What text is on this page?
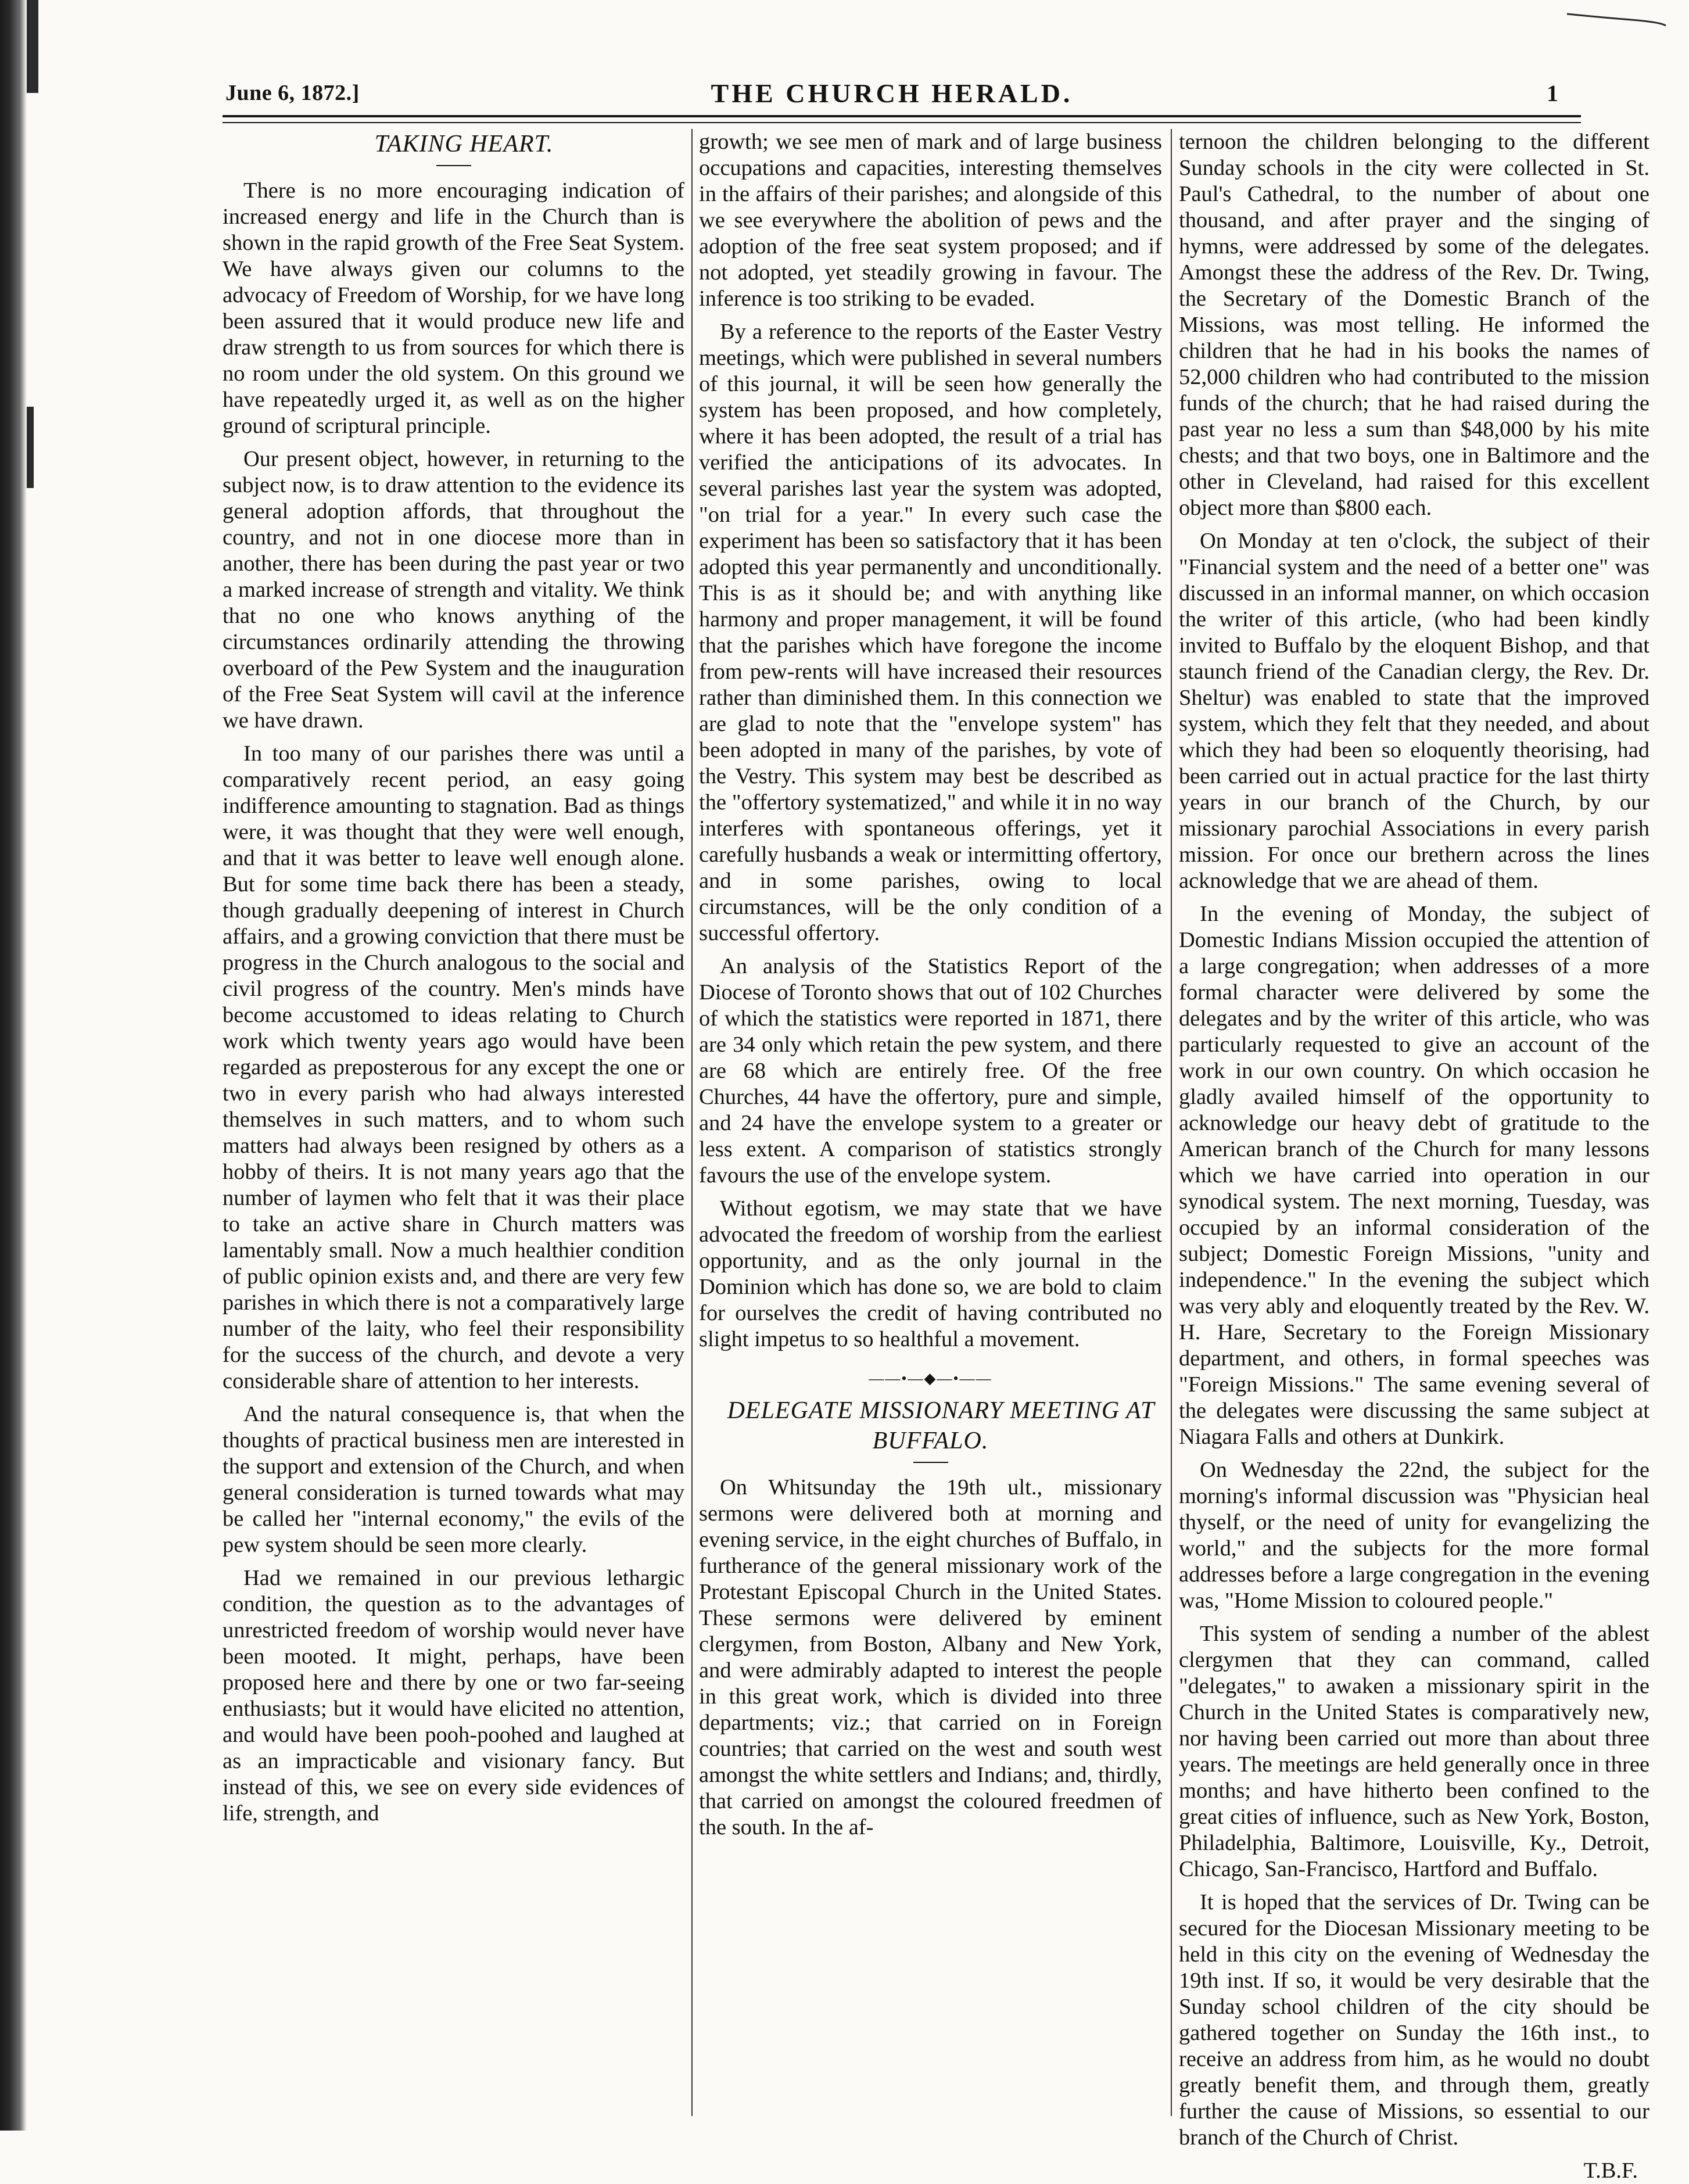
June 6, 1872.]	THE CHURCH HERALD.	1

TAKING HEART.

There is no more encouraging indication of increased energy and life in the Church than is shown in the rapid growth of the Free Seat System. We have always given our columns to the advocacy of Freedom of Worship, for we have long been assured that it would produce new life and draw strength to us from sources for which there is no room under the old system. On this ground we have repeatedly urged it, as well as on the higher ground of scriptural principle.

Our present object, however, in returning to the subject now, is to draw attention to the evidence its general adoption affords, that throughout the country, and not in one diocese more than in another, there has been during the past year or two a marked increase of strength and vitality. We think that no one who knows anything of the circumstances ordinarily attending the throwing overboard of the Pew System and the inauguration of the Free Seat System will cavil at the inference we have drawn.

In too many of our parishes there was until a comparatively recent period, an easy going indifference amounting to stagnation. Bad as things were, it was thought that they were well enough, and that it was better to leave well enough alone. But for some time back there has been a steady, though gradually deepening of interest in Church affairs, and a growing conviction that there must be progress in the Church analogous to the social and civil progress of the country. Men's minds have become accustomed to ideas relating to Church work which twenty years ago would have been regarded as preposterous for any except the one or two in every parish who had always interested themselves in such matters, and to whom such matters had always been resigned by others as a hobby of theirs. It is not many years ago that the number of laymen who felt that it was their place to take an active share in Church matters was lamentably small. Now a much healthier condition of public opinion exists and, and there are very few parishes in which there is not a comparatively large number of the laity, who feel their responsibility for the success of the church, and devote a very considerable share of attention to her interests.

And the natural consequence is, that when the thoughts of practical business men are interested in the support and extension of the Church, and when general consideration is turned towards what may be called her "internal economy," the evils of the pew system should be seen more clearly.

Had we remained in our previous lethargic condition, the question as to the advantages of unrestricted freedom of worship would never have been mooted. It might, perhaps, have been proposed here and there by one or two far-seeing enthusiasts; but it would have elicited no attention, and would have been pooh-poohed and laughed at as an impracticable and visionary fancy. But instead of this, we see on every side evidences of life, strength, and

growth; we see men of mark and of large business occupations and capacities, interesting themselves in the affairs of their parishes; and alongside of this we see everywhere the abolition of pews and the adoption of the free seat system proposed; and if not adopted, yet steadily growing in favour. The inference is too striking to be evaded.

By a reference to the reports of the Easter Vestry meetings, which were published in several numbers of this journal, it will be seen how generally the system has been proposed, and how completely, where it has been adopted, the result of a trial has verified the anticipations of its advocates. In several parishes last year the system was adopted, "on trial for a year." In every such case the experiment has been so satisfactory that it has been adopted this year permanently and unconditionally. This is as it should be; and with anything like harmony and proper management, it will be found that the parishes which have foregone the income from pew-rents will have increased their resources rather than diminished them. In this connection we are glad to note that the "envelope system" has been adopted in many of the parishes, by vote of the Vestry. This system may best be described as the "offertory systematized," and while it in no way interferes with spontaneous offerings, yet it carefully husbands a weak or intermitting offertory, and in some parishes, owing to local circumstances, will be the only condition of a successful offertory.

An analysis of the Statistics Report of the Diocese of Toronto shows that out of 102 Churches of which the statistics were reported in 1871, there are 34 only which retain the pew system, and there are 68 which are entirely free. Of the free Churches, 44 have the offertory, pure and simple, and 24 have the envelope system to a greater or less extent. A comparison of statistics strongly favours the use of the envelope system.

Without egotism, we may state that we have advocated the freedom of worship from the earliest opportunity, and as the only journal in the Dominion which has done so, we are bold to claim for ourselves the credit of having contributed no slight impetus to so healthful a movement.

——•—◆—•——

DELEGATE MISSIONARY MEETING AT BUFFALO.

On Whitsunday the 19th ult., missionary sermons were delivered both at morning and evening service, in the eight churches of Buffalo, in furtherance of the general missionary work of the Protestant Episcopal Church in the United States. These sermons were delivered by eminent clergymen, from Boston, Albany and New York, and were admirably adapted to interest the people in this great work, which is divided into three departments; viz.; that carried on in Foreign countries; that carried on the west and south west amongst the white settlers and Indians; and, thirdly, that carried on amongst the coloured freedmen of the south. In the af-

ternoon the children belonging to the different Sunday schools in the city were collected in St. Paul's Cathedral, to the number of about one thousand, and after prayer and the singing of hymns, were addressed by some of the delegates. Amongst these the address of the Rev. Dr. Twing, the Secretary of the Domestic Branch of the Missions, was most telling. He informed the children that he had in his books the names of 52,000 children who had contributed to the mission funds of the church; that he had raised during the past year no less a sum than $48,000 by his mite chests; and that two boys, one in Baltimore and the other in Cleveland, had raised for this excellent object more than $800 each.

On Monday at ten o'clock, the subject of their "Financial system and the need of a better one" was discussed in an informal manner, on which occasion the writer of this article, (who had been kindly invited to Buffalo by the eloquent Bishop, and that staunch friend of the Canadian clergy, the Rev. Dr. Sheltur) was enabled to state that the improved system, which they felt that they needed, and about which they had been so eloquently theorising, had been carried out in actual practice for the last thirty years in our branch of the Church, by our missionary parochial Associations in every parish mission. For once our brethern across the lines acknowledge that we are ahead of them.

In the evening of Monday, the subject of Domestic Indians Mission occupied the attention of a large congregation; when addresses of a more formal character were delivered by some the delegates and by the writer of this article, who was particularly requested to give an account of the work in our own country. On which occasion he gladly availed himself of the opportunity to acknowledge our heavy debt of gratitude to the American branch of the Church for many lessons which we have carried into operation in our synodical system. The next morning, Tuesday, was occupied by an informal consideration of the subject; Domestic Foreign Missions, "unity and independence." In the evening the subject which was very ably and eloquently treated by the Rev. W. H. Hare, Secretary to the Foreign Missionary department, and others, in formal speeches was "Foreign Missions." The same evening several of the delegates were discussing the same subject at Niagara Falls and others at Dunkirk.

On Wednesday the 22nd, the subject for the morning's informal discussion was "Physician heal thyself, or the need of unity for evangelizing the world," and the subjects for the more formal addresses before a large congregation in the evening was, "Home Mission to coloured people."

This system of sending a number of the ablest clergymen that they can command, called "delegates," to awaken a missionary spirit in the Church in the United States is comparatively new, nor having been carried out more than about three years. The meetings are held generally once in three months; and have hitherto been confined to the great cities of influence, such as New York, Boston, Philadelphia, Baltimore, Louisville, Ky., Detroit, Chicago, San-Francisco, Hartford and Buffalo.

It is hoped that the services of Dr. Twing can be secured for the Diocesan Missionary meeting to be held in this city on the evening of Wednesday the 19th inst. If so, it would be very desirable that the Sunday school children of the city should be gathered together on Sunday the 16th inst., to receive an address from him, as he would no doubt greatly benefit them, and through them, greatly further the cause of Missions, so essential to our branch of the Church of Christ.

T.B.F.
